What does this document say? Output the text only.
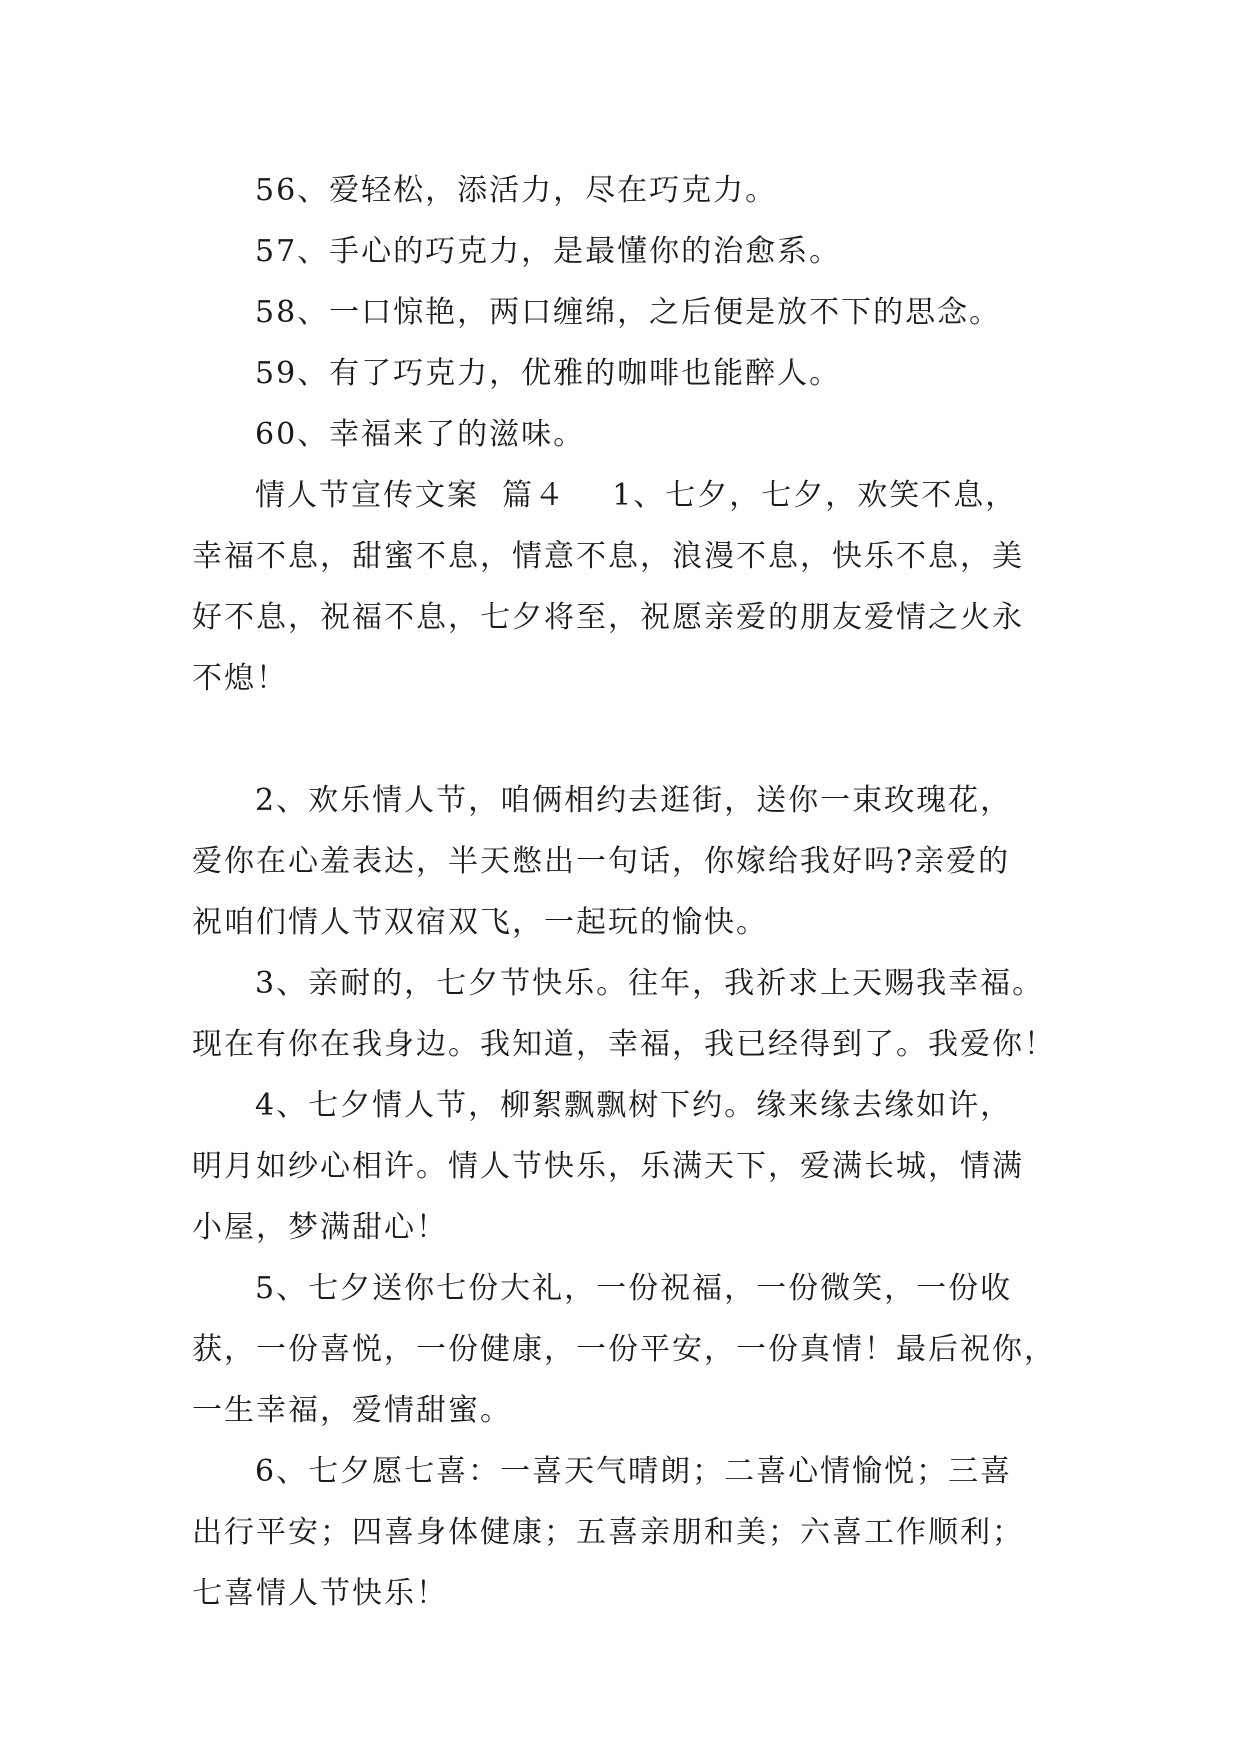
56、爱轻松，添活力，尽在巧克力。

57、手心的巧克力，是最懂你的治愈系。

58、一口惊艳，两口缠绵，之后便是放不下的思念。

59、有了巧克力，优雅的咖啡也能醉人。

60、幸福来了的滋味。

情人节宣传文案  篇４    1、七夕，七夕，欢笑不息，

幸福不息，甜蜜不息，情意不息，浪漫不息，快乐不息，美

好不息，祝福不息，七夕将至，祝愿亲爱的朋友爱情之火永

不熄！

2、欢乐情人节，咱俩相约去逛街，送你一束玫瑰花，

爱你在心羞表达，半天憋出一句话，你嫁给我好吗?亲爱的

祝咱们情人节双宿双飞，一起玩的愉快。

3、亲耐的，七夕节快乐。往年，我祈求上天赐我幸福。

现在有你在我身边。我知道，幸福，我已经得到了。我爱你！

4、七夕情人节，柳絮飘飘树下约。缘来缘去缘如许，

明月如纱心相许。情人节快乐，乐满天下，爱满长城，情满

小屋，梦满甜心！

5、七夕送你七份大礼，一份祝福，一份微笑，一份收

获，一份喜悦，一份健康，一份平安，一份真情！最后祝你，

一生幸福，爱情甜蜜。

6、七夕愿七喜：一喜天气晴朗；二喜心情愉悦；三喜

出行平安；四喜身体健康；五喜亲朋和美；六喜工作顺利；

七喜情人节快乐！
